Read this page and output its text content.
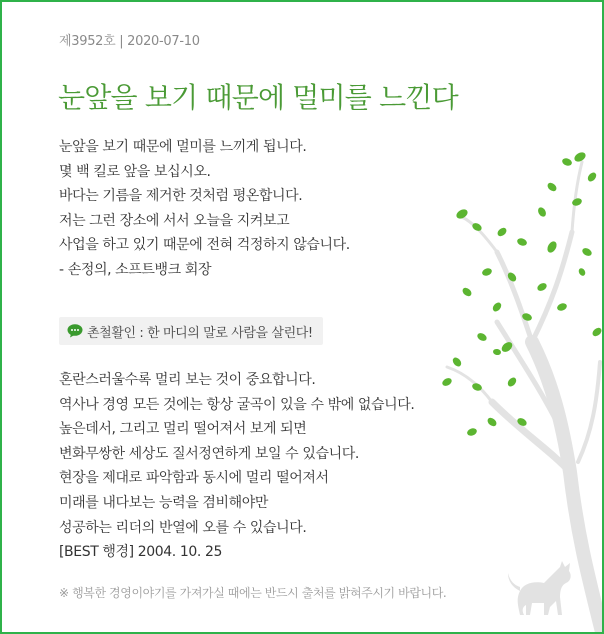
제3952호 | 2020-07-10
눈앞을 보기 때문에 멀미를 느낀다
눈앞을 보기 때문에 멀미를 느끼게 됩니다.
몇 백 킬로 앞을 보십시오.
바다는 기름을 제거한 것처럼 평온합니다.
저는 그런 장소에 서서 오늘을 지켜보고
사업을 하고 있기 때문에 전혀 걱정하지 않습니다.
- 손정의, 소프트뱅크 회장
촌철활인 : 한 마디의 말로 사람을 살린다!
혼란스러울수록 멀리 보는 것이 중요합니다.
역사나 경영 모든 것에는 항상 굴곡이 있을 수 밖에 없습니다.
높은데서, 그리고 멀리 떨어져서 보게 되면
변화무쌍한 세상도 질서정연하게 보일 수 있습니다.
현장을 제대로 파악함과 동시에 멀리 떨어져서
미래를 내다보는 능력을 겸비해야만
성공하는 리더의 반열에 오를 수 있습니다.
[BEST 행경] 2004. 10. 25
※ 행복한 경영이야기를 가져가실 때에는 반드시 출처를 밝혀주시기 바랍니다.
